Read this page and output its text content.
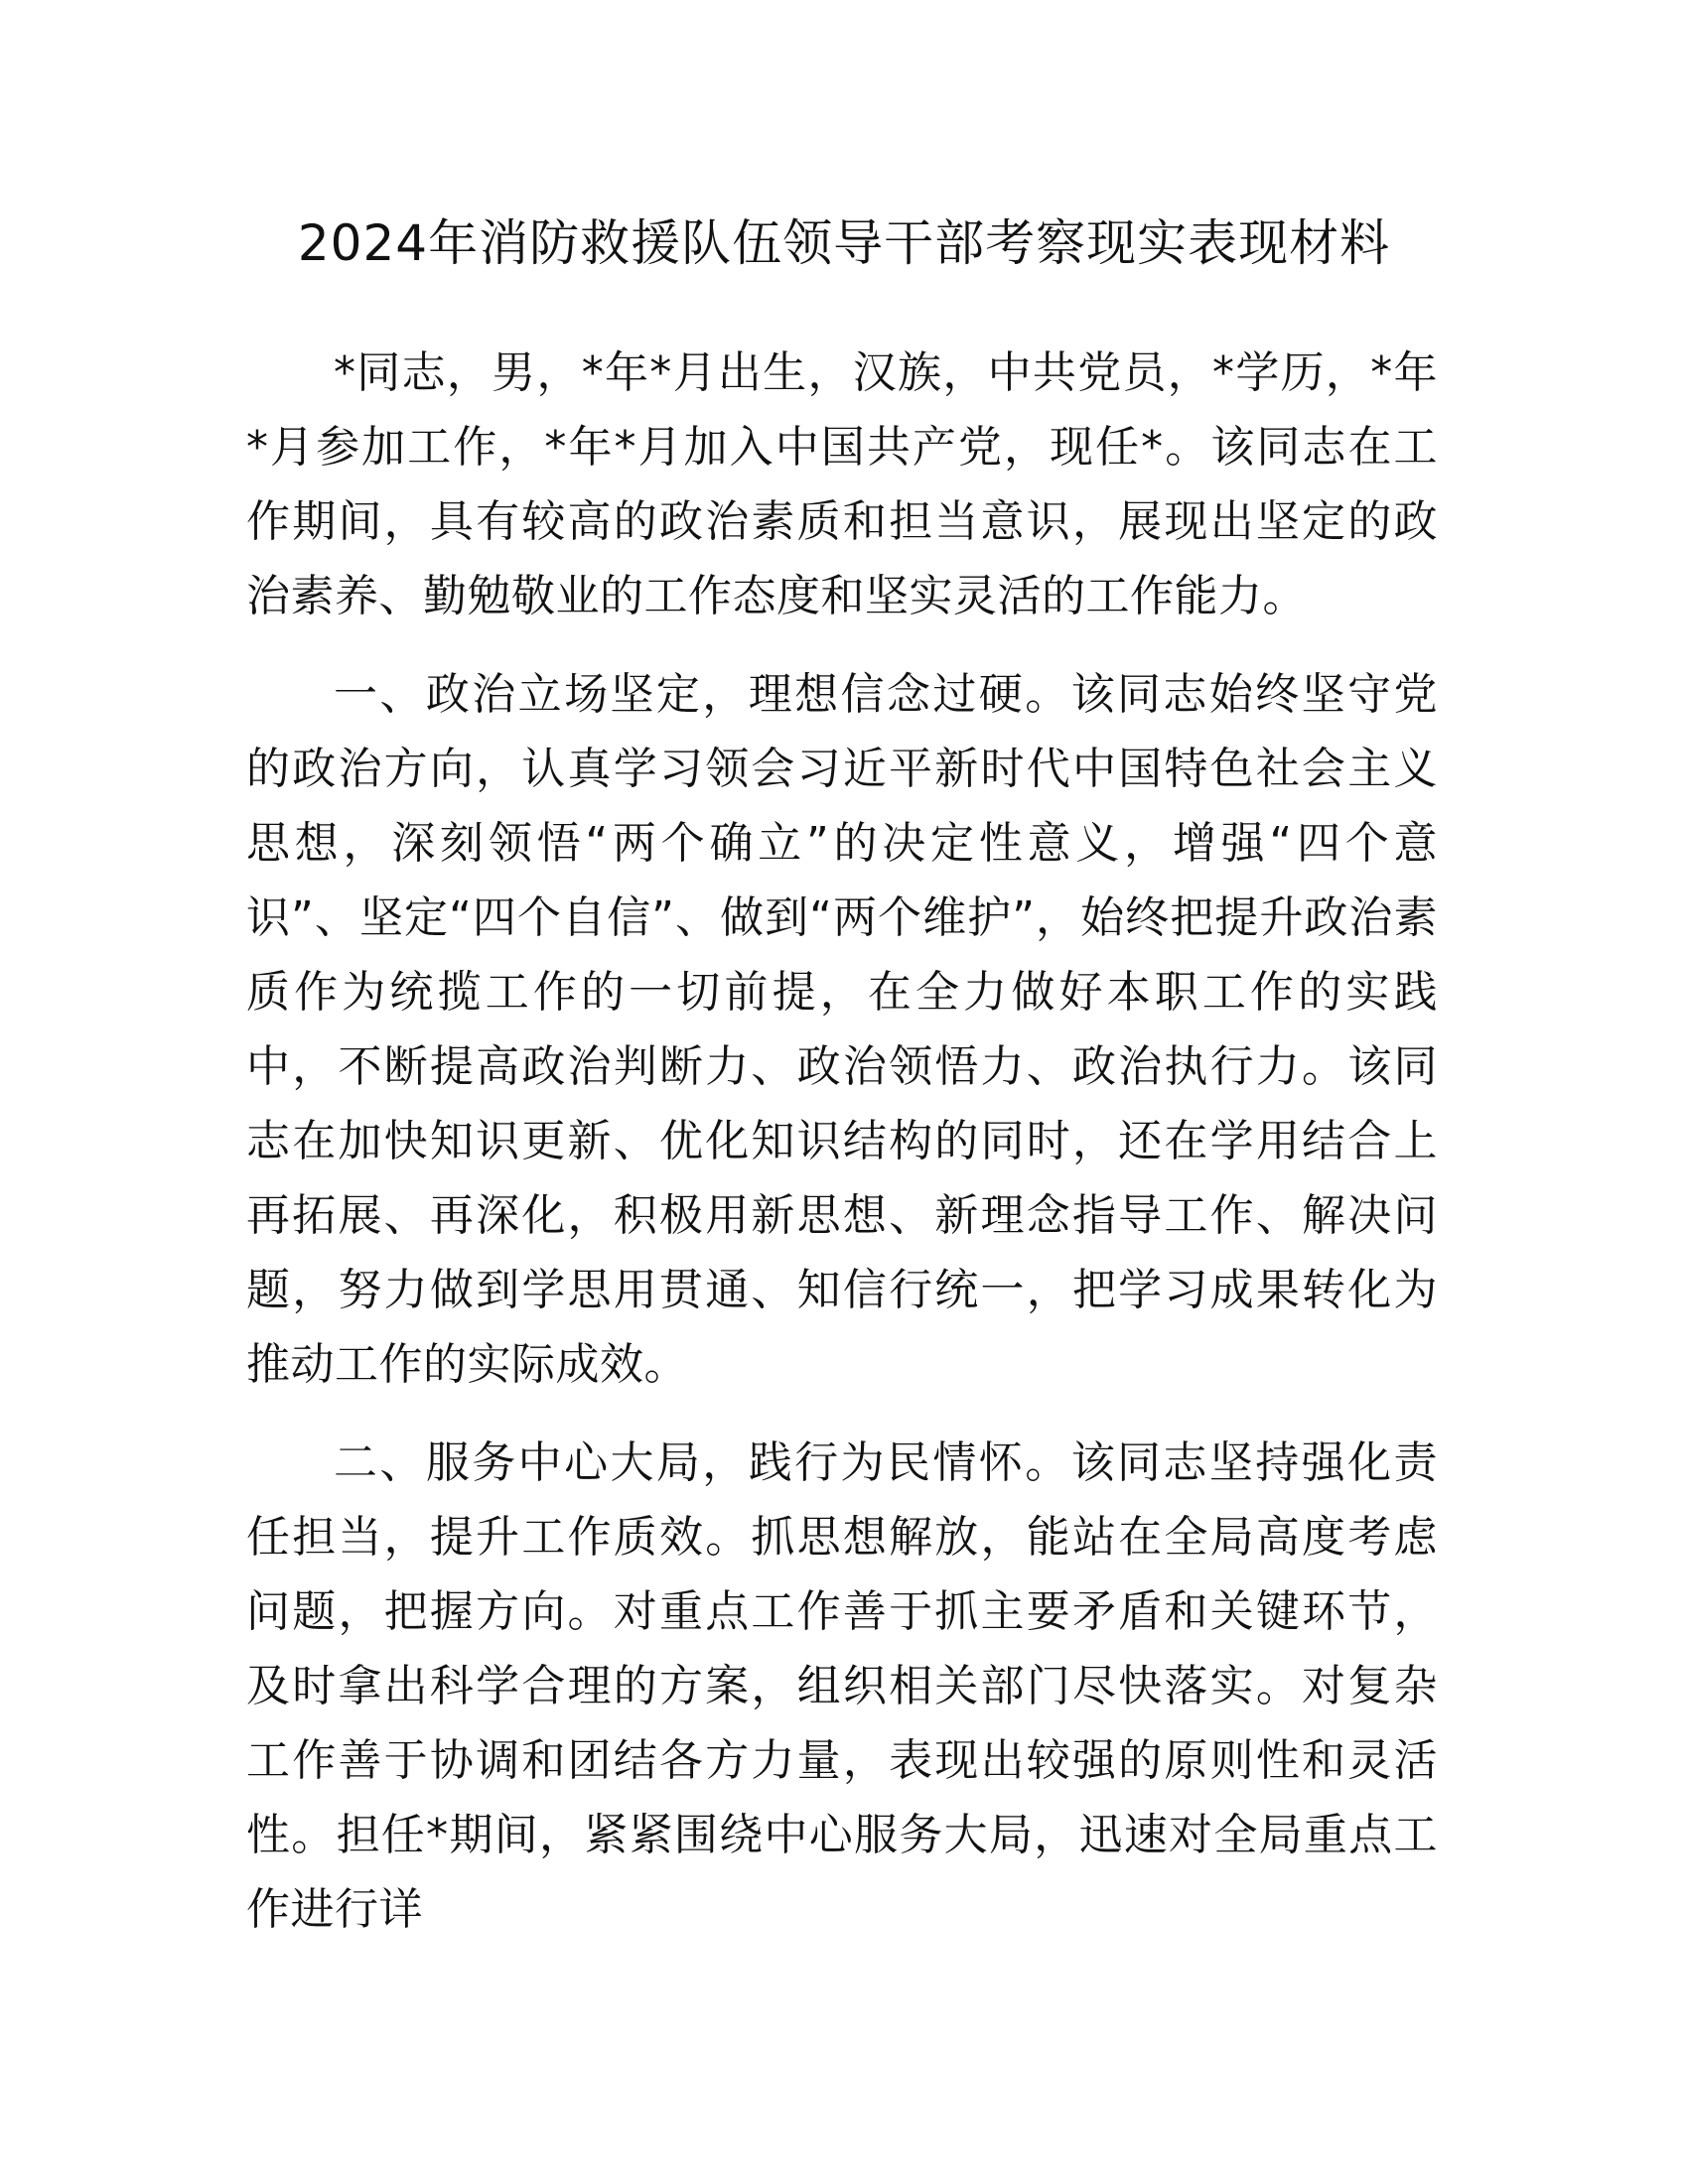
2024年消防救援队伍领导干部考察现实表现材料

*同志，男，*年*月出生，汉族，中共党员，*学历，*年*月参加工作，*年*月加入中国共产党，现任*。该同志在工作期间，具有较高的政治素质和担当意识，展现出坚定的政治素养、勤勉敬业的工作态度和坚实灵活的工作能力。

一、政治立场坚定，理想信念过硬。该同志始终坚守党的政治方向，认真学习领会习近平新时代中国特色社会主义思想，深刻领悟“两个确立”的决定性意义，增强“四个意识”、坚定“四个自信”、做到“两个维护”，始终把提升政治素质作为统揽工作的一切前提，在全力做好本职工作的实践中，不断提高政治判断力、政治领悟力、政治执行力。该同志在加快知识更新、优化知识结构的同时，还在学用结合上再拓展、再深化，积极用新思想、新理念指导工作、解决问题，努力做到学思用贯通、知信行统一，把学习成果转化为推动工作的实际成效。

二、服务中心大局，践行为民情怀。该同志坚持强化责任担当，提升工作质效。抓思想解放，能站在全局高度考虑问题，把握方向。对重点工作善于抓主要矛盾和关键环节，及时拿出科学合理的方案，组织相关部门尽快落实。对复杂工作善于协调和团结各方力量，表现出较强的原则性和灵活性。担任*期间，紧紧围绕中心服务大局，迅速对全局重点工作进行详
